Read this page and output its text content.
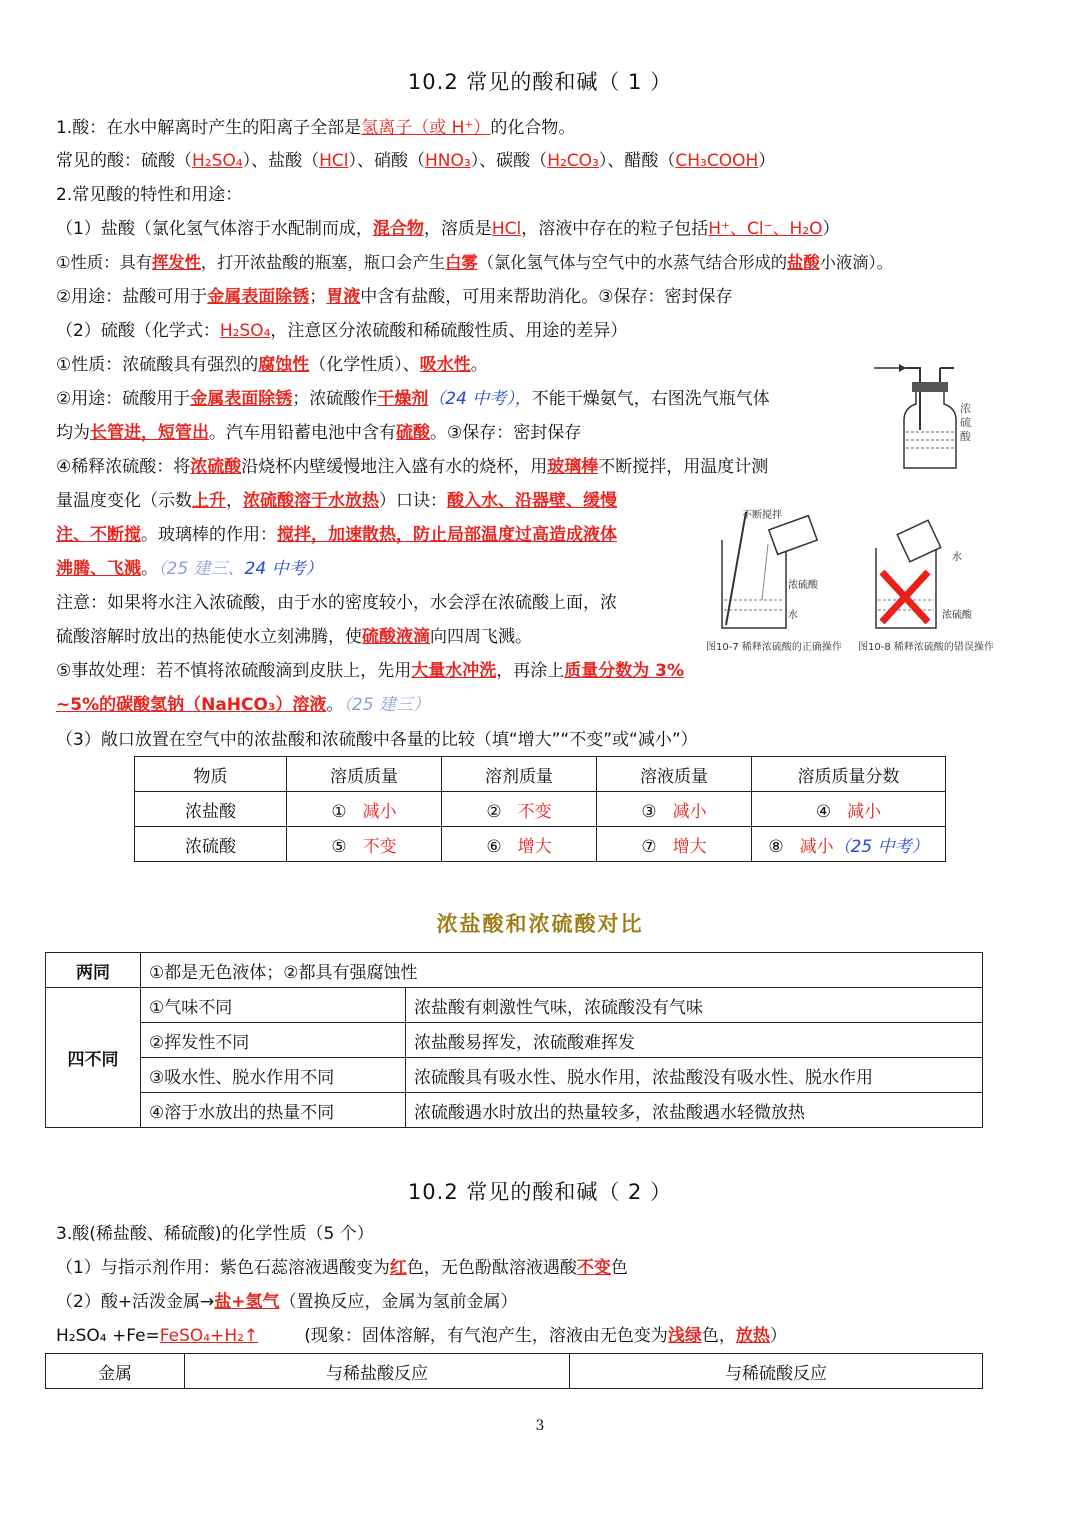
10.2 常见的酸和碱（ 1 ）
1.酸：在水中解离时产生的阳离子全部是氢离子（或 H⁺）的化合物。
常见的酸：硫酸（H₂SO₄）、盐酸（HCl）、硝酸（HNO₃）、碳酸（H₂CO₃）、醋酸（CH₃COOH）
2.常见酸的特性和用途：
（1）盐酸（氯化氢气体溶于水配制而成，混合物，溶质是HCl，溶液中存在的粒子包括H⁺、Cl⁻、H₂O）
①性质：具有挥发性，打开浓盐酸的瓶塞，瓶口会产生白雾（氯化氢气体与空气中的水蒸气结合形成的盐酸小液滴）。
②用途：盐酸可用于金属表面除锈；胃液中含有盐酸，可用来帮助消化。③保存：密封保存
（2）硫酸（化学式：H₂SO₄，注意区分浓硫酸和稀硫酸性质、用途的差异）
①性质：浓硫酸具有强烈的腐蚀性（化学性质）、吸水性。
②用途：硫酸用于金属表面除锈；浓硫酸作干燥剂（24 中考），不能干燥氨气，右图洗气瓶气体
均为长管进，短管出。汽车用铅蓄电池中含有硫酸。③保存：密封保存
④稀释浓硫酸：将浓硫酸沿烧杯内壁缓慢地注入盛有水的烧杯，用玻璃棒不断搅拌，用温度计测
量温度变化（示数上升，浓硫酸溶于水放热）口诀：酸入水、沿器壁、缓慢
注、不断搅。玻璃棒的作用：搅拌，加速散热，防止局部温度过高造成液体
沸腾、飞溅。（25 建三、24 中考）
注意：如果将水注入浓硫酸，由于水的密度较小，水会浮在浓硫酸上面，浓
硫酸溶解时放出的热能使水立刻沸腾，使硫酸液滴向四周飞溅。
⑤事故处理：若不慎将浓硫酸滴到皮肤上，先用大量水冲洗，再涂上质量分数为 3%
~5%的碳酸氢钠（NaHCO₃）溶液。（25 建三）
（3）敞口放置在空气中的浓盐酸和浓硫酸中各量的比较（填“增大”“不变”或“减小”）
浓
硫
酸
不断搅拌
浓硫酸
水
水
浓硫酸
图10-7 稀释浓硫酸的正确操作 图10-8 稀释浓硫酸的错误操作
物质	溶质质量	溶剂质量	溶液质量	溶质质量分数
浓盐酸	① 减小	② 不变	③ 减小	④ 减小
浓硫酸	⑤ 不变	⑥ 增大	⑦ 增大	⑧ 减小（25 中考）
浓盐酸和浓硫酸对比
两同	①都是无色液体；②都具有强腐蚀性	
四不同	①气味不同	浓盐酸有刺激性气味，浓硫酸没有气味
	②挥发性不同	浓盐酸易挥发，浓硫酸难挥发
	③吸水性、脱水作用不同	浓硫酸具有吸水性、脱水作用，浓盐酸没有吸水性、脱水作用
	④溶于水放出的热量不同	浓硫酸遇水时放出的热量较多，浓盐酸遇水轻微放热
10.2 常见的酸和碱（ 2 ）
3.酸(稀盐酸、稀硫酸)的化学性质（5 个）
（1）与指示剂作用：紫色石蕊溶液遇酸变为红色，无色酚酞溶液遇酸不变色
（2）酸+活泼金属→盐+氢气（置换反应，金属为氢前金属）
H₂SO₄ +Fe=FeSO₄+H₂↑	(现象：固体溶解，有气泡产生，溶液由无色变为浅绿色，放热）
金属	与稀盐酸反应	与稀硫酸反应
3
